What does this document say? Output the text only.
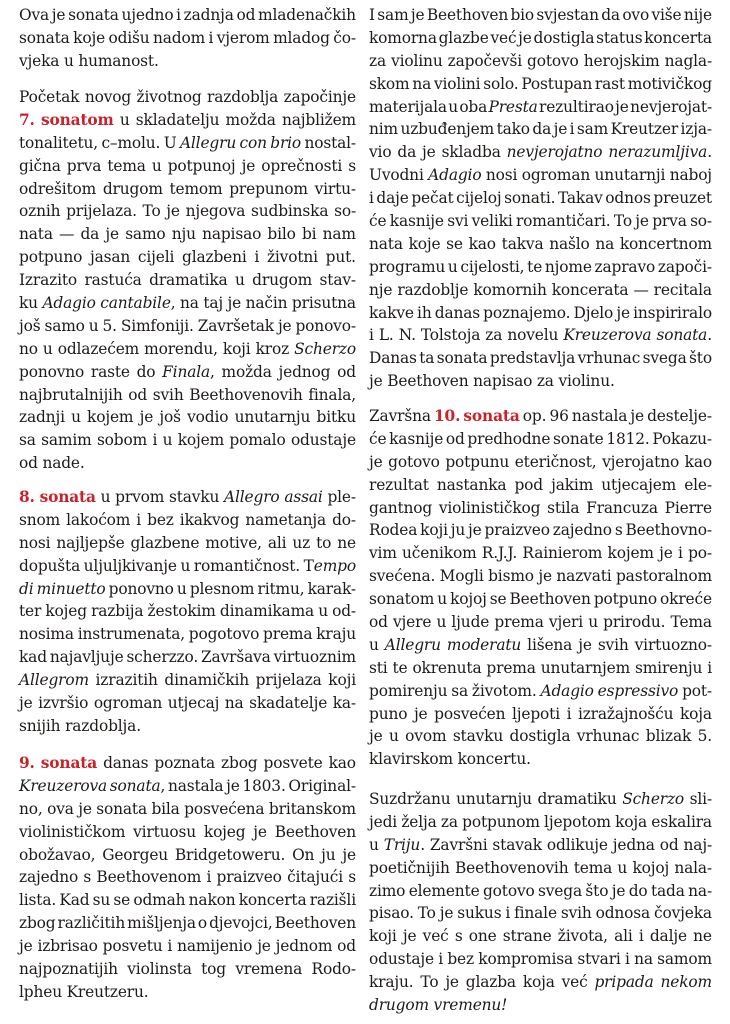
Ova je sonata ujedno i zadnja od mladenačkih
sonata koje odišu nadom i vjerom mladog čo-
vjeka u humanost.
Početak novog životnog razdoblja započinje
7. sonatom u skladatelju možda najbližem
tonalitetu, c–molu. U Allegru con brio nostal-
gična prva tema u potpunoj je oprečnosti s
odrešitom drugom temom prepunom virtu-
oznih prijelaza. To je njegova sudbinska so-
nata — da je samo nju napisao bilo bi nam
potpuno jasan cijeli glazbeni i životni put.
Izrazito rastuća dramatika u drugom stav-
ku Adagio cantabile, na taj je način prisutna
još samo u 5. Simfoniji. Završetak je ponovo-
no u odlazećem morendu, koji kroz Scherzo
ponovno raste do Finala, možda jednog od
najbrutalnijih od svih Beethovenovih finala,
zadnji u kojem je još vodio unutarnju bitku
sa samim sobom i u kojem pomalo odustaje
od nade.
8. sonata u prvom stavku Allegro assai ple-
snom lakoćom i bez ikakvog nametanja do-
nosi najljepše glazbene motive, ali uz to ne
dopušta ulјuljkivanje u romantičnost. Tempo
di minuetto ponovno u plesnom ritmu, karak-
ter kojeg razbija žestokim dinamikama u od-
nosima instrumenata, pogotovo prema kraju
kad najavljuje scherzzo. Završava virtuoznim
Allegrom izrazitih dinamičkih prijelaza koji
je izvršio ogroman utjecaj na skadatelje ka-
snijih razdoblja.
9. sonata danas poznata zbog posvete kao
Kreuzerova sonata, nastala je 1803. Original-
no, ova je sonata bila posvećena britanskom
violinističkom virtuosu kojeg je Beethoven
obožavao, Georgeu Bridgetoweru. On ju je
zajedno s Beethovenom i praizveo čitajući s
lista. Kad su se odmah nakon koncerta razišli
zbog različitih mišljenja o djevojci, Beethoven
je izbrisao posvetu i namijenio je jednom od
najpoznatijih violinsta tog vremena Rodo-
lpheu Kreutzeru.
I sam je Beethoven bio svjestan da ovo više nije
komorna glazbe već je dostigla status koncerta
za violinu započevši gotovo herojskim nagla-
skom na violini solo. Postupan rast motivičkog
materijala u oba Presta rezultirao je nevjerojat-
nim uzbuđenjem tako da je i sam Kreutzer izja-
vio da je skladba nevjerojatno nerazumljiva.
Uvodni Adagio nosi ogroman unutarnji naboj
i daje pečat cijeloj sonati. Takav odnos preuzet
će kasnije svi veliki romantičari. To je prva so-
nata koje se kao takva našlo na koncertnom
programu u cijelosti, te njome zapravo započi-
nje razdoblje komornih koncerata — recitala
kakve ih danas poznajemo. Djelo je inspiriralo
i L. N. Tolstoja za novelu Kreuzerova sonata.
Danas ta sonata predstavlja vrhunac svega što
je Beethoven napisao za violinu.
Završna 10. sonata op. 96 nastala je destelje-
će kasnije od predhodne sonate 1812. Pokazu-
je gotovo potpunu eteričnost, vjerojatno kao
rezultat nastanka pod jakim utjecajem ele-
gantnog violinističkog stila Francuza Pierre
Rodea koji ju je praizveo zajedno s Beethovno-
vim učenikom R.J.J. Rainierom kojem je i po-
svećena. Mogli bismo je nazvati pastoralnom
sonatom u kojoj se Beethoven potpuno okreće
od vjere u ljude prema vjeri u prirodu. Tema
u Allegru moderatu lišena je svih virtuozno-
sti te okrenuta prema unutarnjem smirenju i
pomirenju sa životom. Adagio espressivo pot-
puno je posvećen ljepoti i izražajnošću koja
je u ovom stavku dostigla vrhunac blizak 5.
klavirskom koncertu.
Suzdržanu unutarnju dramatiku Scherzo sli-
jedi želja za potpunom ljepotom koja eskalira
u Triju. Završni stavak odlikuje jedna od naj-
poetičnijih Beethovenovih tema u kojoj nala-
zimo elemente gotovo svega što je do tada na-
pisao. To je sukus i finale svih odnosa čovjeka
koji je već s one strane života, ali i dalje ne
odustaje i bez kompromisa stvari i na samom
kraju. To je glazba koja već pripada nekom
drugom vremenu!
